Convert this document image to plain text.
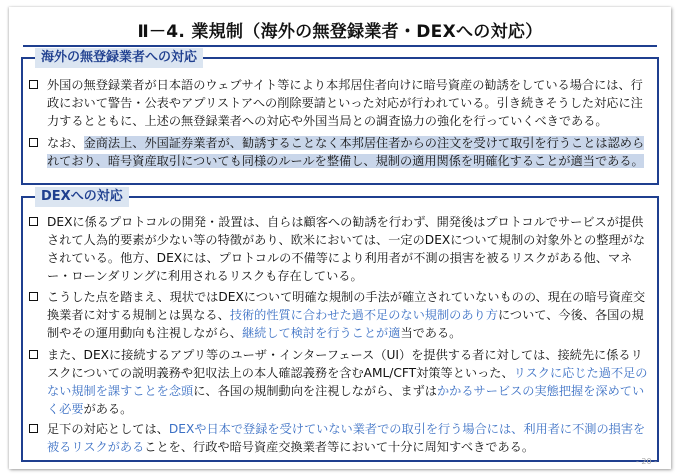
Ⅱ－4. 業規制（海外の無登録業者・DEXへの対応）
海外の無登録業者への対応
外国の無登録業者が日本語のウェブサイト等により本邦居住者向けに暗号資産の勧誘をしている場合には、行政において警告・公表やアプリストアへの削除要請といった対応が行われている。引き続きそうした対応に注力するとともに、上述の無登録業者への対応や外国当局との調査協力の強化を行っていくべきである。
なお、金商法上、外国証券業者が、勧誘することなく本邦居住者からの注文を受けて取引を行うことは認められており、暗号資産取引についても同様のルールを整備し、規制の適用関係を明確化することが適当である。
DEXへの対応
DEXに係るプロトコルの開発・設置は、自らは顧客への勧誘を行わず、開発後はプロトコルでサービスが提供されて人為的要素が少ない等の特徴があり、欧米においては、一定のDEXについて規制の対象外との整理がなされている。他方、DEXには、プロトコルの不備等により利用者が不測の損害を被るリスクがある他、マネー・ローンダリングに利用されるリスクも存在している。
こうした点を踏まえ、現状ではDEXについて明確な規制の手法が確立されていないものの、現在の暗号資産交換業者に対する規制とは異なる、技術的性質に合わせた過不足のない規制のあり方について、今後、各国の規制やその運用動向も注視しながら、継続して検討を行うことが適当である。
また、DEXに接続するアプリ等のユーザ・インターフェース（UI）を提供する者に対しては、接続先に係るリスクについての説明義務や犯収法上の本人確認義務を含むAML/CFT対策等といった、リスクに応じた過不足のない規制を課すことを念頭に、各国の規制動向を注視しながら、まずはかかるサービスの実態把握を深めていく必要がある。
足下の対応としては、DEXや日本で登録を受けていない業者での取引を行う場合には、利用者に不測の損害を被るリスクがあることを、行政や暗号資産交換業者等において十分に周知すべきである。
- 20 -
